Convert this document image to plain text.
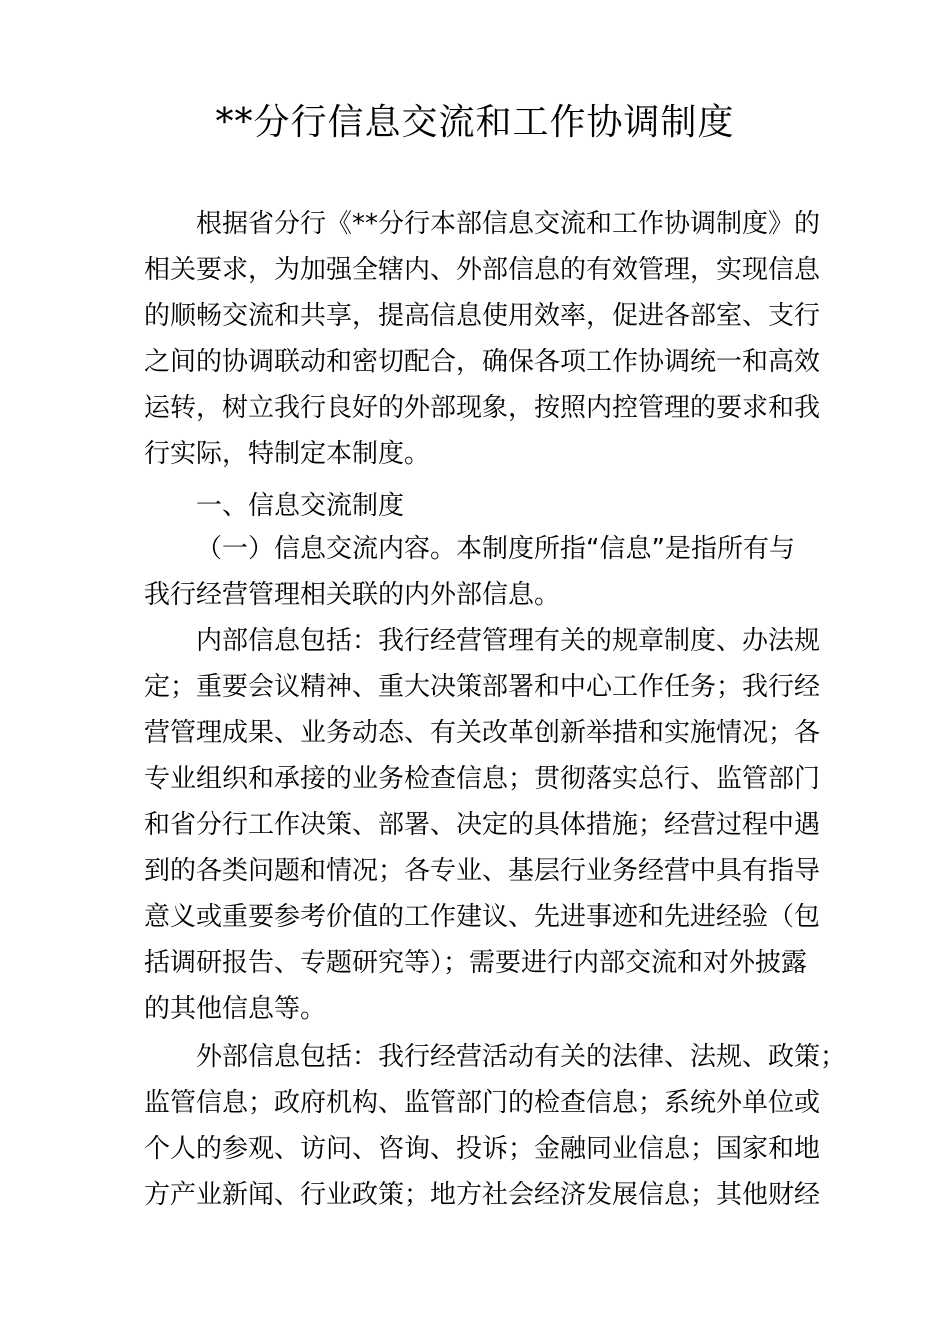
**分行信息交流和工作协调制度
根据省分行《**分行本部信息交流和工作协调制度》的
相关要求，为加强全辖内、外部信息的有效管理，实现信息
的顺畅交流和共享，提高信息使用效率，促进各部室、支行
之间的协调联动和密切配合，确保各项工作协调统一和高效
运转，树立我行良好的外部现象，按照内控管理的要求和我
行实际，特制定本制度。
一、信息交流制度
（一）信息交流内容。本制度所指“信息”是指所有与
我行经营管理相关联的内外部信息。
内部信息包括：我行经营管理有关的规章制度、办法规
定；重要会议精神、重大决策部署和中心工作任务；我行经
营管理成果、业务动态、有关改革创新举措和实施情况；各
专业组织和承接的业务检查信息；贯彻落实总行、监管部门
和省分行工作决策、部署、决定的具体措施；经营过程中遇
到的各类问题和情况；各专业、基层行业务经营中具有指导
意义或重要参考价值的工作建议、先进事迹和先进经验（包
括调研报告、专题研究等）；需要进行内部交流和对外披露
的其他信息等。
外部信息包括：我行经营活动有关的法律、法规、政策；
监管信息；政府机构、监管部门的检查信息；系统外单位或
个人的参观、访问、咨询、投诉；金融同业信息；国家和地
方产业新闻、行业政策；地方社会经济发展信息；其他财经
